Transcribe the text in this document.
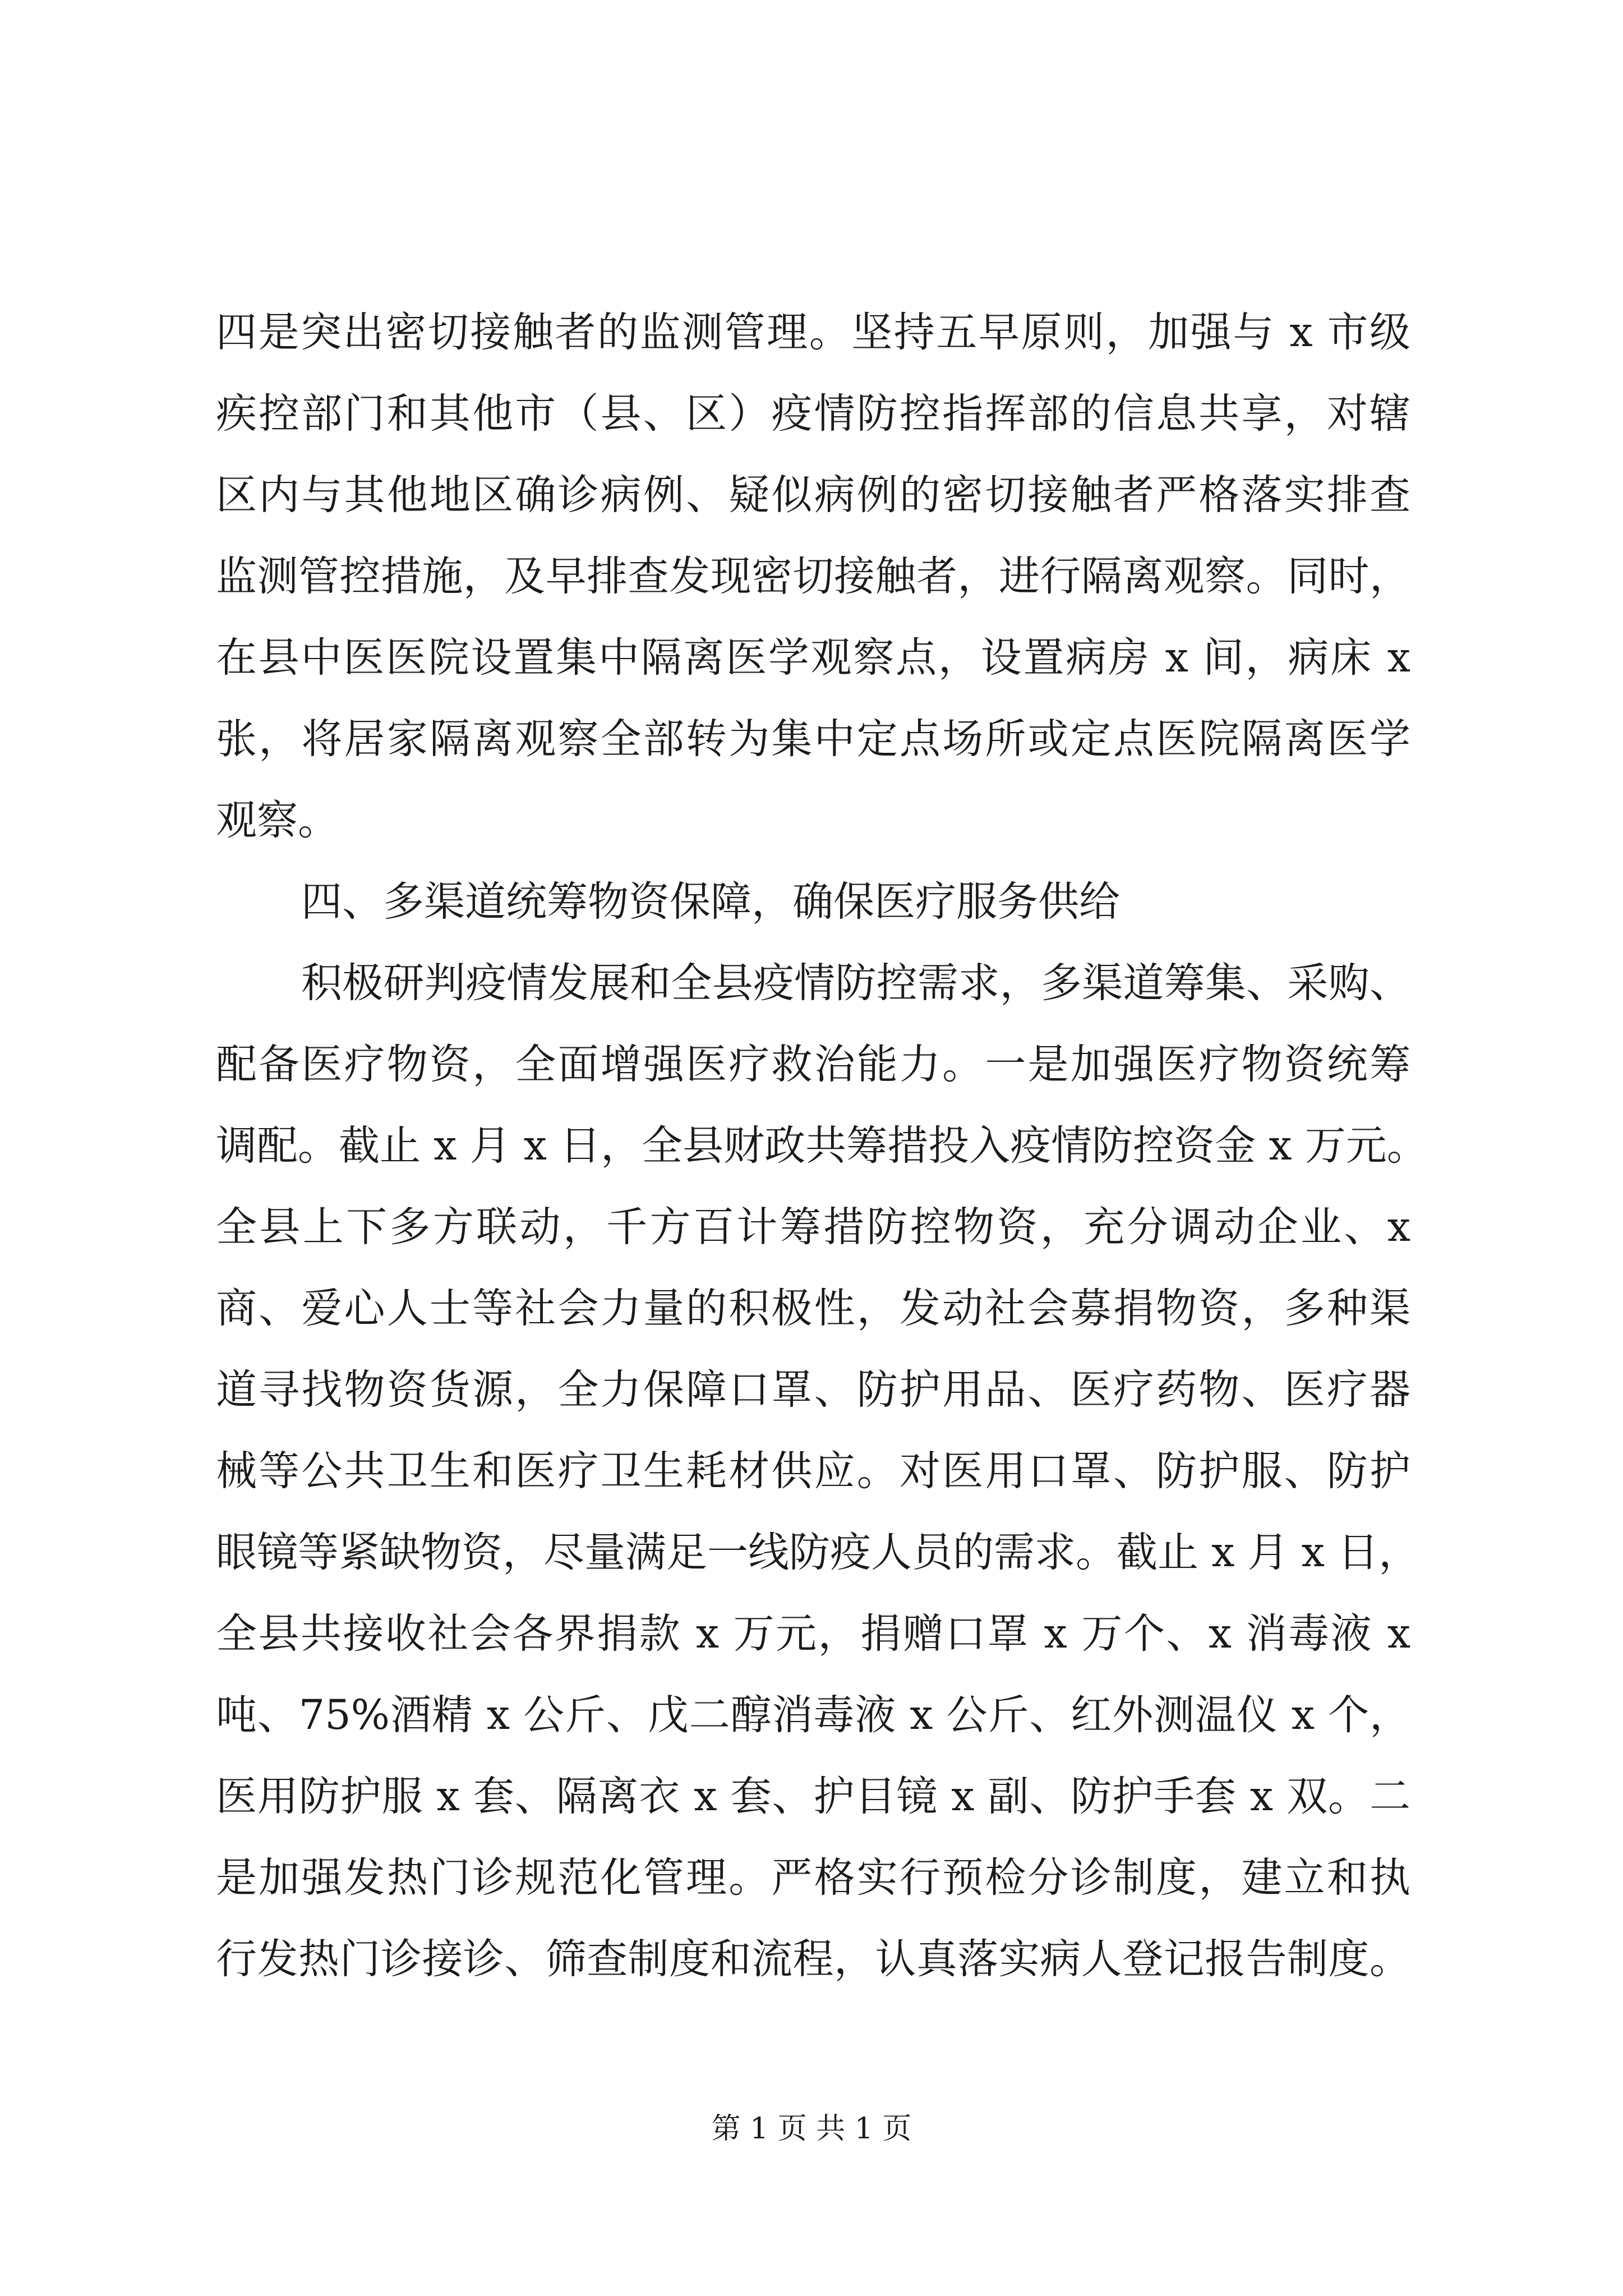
四是突出密切接触者的监测管理。坚持五早原则，加强与 x 市级
疾控部门和其他市（县、区）疫情防控指挥部的信息共享，对辖
区内与其他地区确诊病例、疑似病例的密切接触者严格落实排查
监测管控措施，及早排查发现密切接触者，进行隔离观察。同时，
在县中医医院设置集中隔离医学观察点，设置病房 x 间，病床 x
张，将居家隔离观察全部转为集中定点场所或定点医院隔离医学
观察。
四、多渠道统筹物资保障，确保医疗服务供给
积极研判疫情发展和全县疫情防控需求，多渠道筹集、采购、
配备医疗物资，全面增强医疗救治能力。一是加强医疗物资统筹
调配。截止 x 月 x 日，全县财政共筹措投入疫情防控资金 x 万元。
全县上下多方联动，千方百计筹措防控物资，充分调动企业、x
商、爱心人士等社会力量的积极性，发动社会募捐物资，多种渠
道寻找物资货源，全力保障口罩、防护用品、医疗药物、医疗器
械等公共卫生和医疗卫生耗材供应。对医用口罩、防护服、防护
眼镜等紧缺物资，尽量满足一线防疫人员的需求。截止 x 月 x 日，
全县共接收社会各界捐款 x 万元，捐赠口罩 x 万个、x 消毒液 x
吨、75%酒精 x 公斤、戊二醇消毒液 x 公斤、红外测温仪 x 个，
医用防护服 x 套、隔离衣 x 套、护目镜 x 副、防护手套 x 双。二
是加强发热门诊规范化管理。严格实行预检分诊制度，建立和执
行发热门诊接诊、筛查制度和流程，认真落实病人登记报告制度。
第 1 页 共 1 页
